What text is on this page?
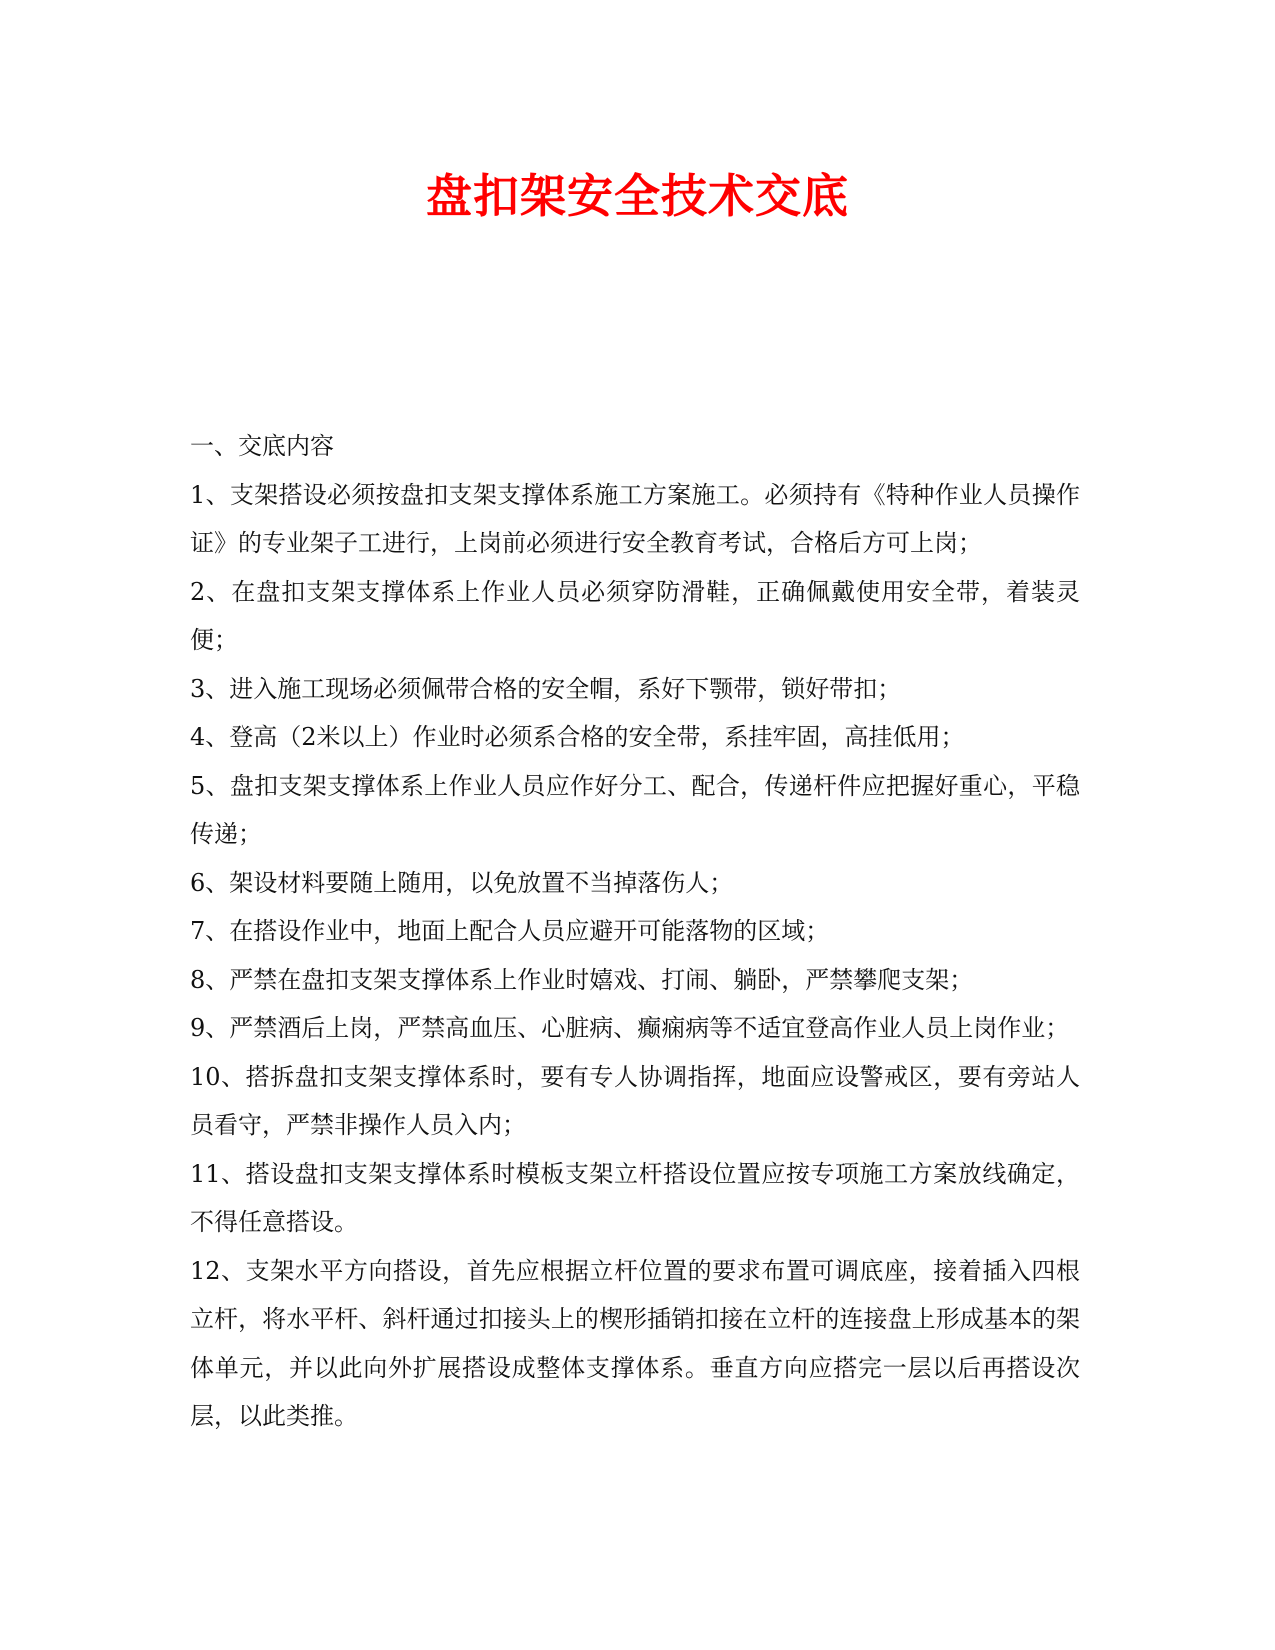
盘扣架安全技术交底

一、交底内容

1、支架搭设必须按盘扣支架支撑体系施工方案施工。必须持有《特种作业人员操作证》的专业架子工进行，上岗前必须进行安全教育考试，合格后方可上岗；

2、在盘扣支架支撑体系上作业人员必须穿防滑鞋，正确佩戴使用安全带，着装灵便；

3、进入施工现场必须佩带合格的安全帽，系好下颚带，锁好带扣；

4、登高（2米以上）作业时必须系合格的安全带，系挂牢固，高挂低用；

5、盘扣支架支撑体系上作业人员应作好分工、配合，传递杆件应把握好重心，平稳传递；

6、架设材料要随上随用，以免放置不当掉落伤人；

7、在搭设作业中，地面上配合人员应避开可能落物的区域；

8、严禁在盘扣支架支撑体系上作业时嬉戏、打闹、躺卧，严禁攀爬支架；

9、严禁酒后上岗，严禁高血压、心脏病、癫痫病等不适宜登高作业人员上岗作业；

10、搭拆盘扣支架支撑体系时，要有专人协调指挥，地面应设警戒区，要有旁站人员看守，严禁非操作人员入内；

11、搭设盘扣支架支撑体系时模板支架立杆搭设位置应按专项施工方案放线确定，不得任意搭设。

12、支架水平方向搭设，首先应根据立杆位置的要求布置可调底座，接着插入四根立杆，将水平杆、斜杆通过扣接头上的楔形插销扣接在立杆的连接盘上形成基本的架体单元，并以此向外扩展搭设成整体支撑体系。垂直方向应搭完一层以后再搭设次层，以此类推。
